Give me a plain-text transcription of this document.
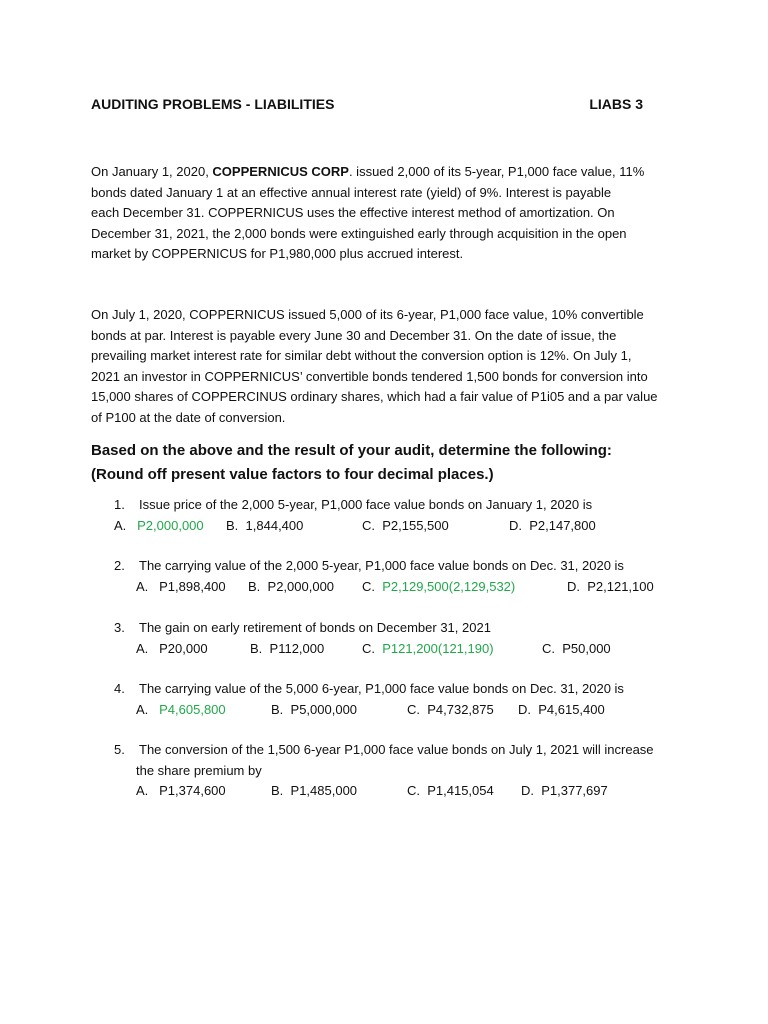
AUDITING PROBLEMS - LIABILITIES	LIABS 3
On January 1, 2020, COPPERNICUS CORP. issued 2,000 of its 5-year, P1,000 face value, 11%
bonds dated January 1 at an effective annual interest rate (yield) of 9%. Interest is payable
each December 31. COPPERNICUS uses the effective interest method of amortization. On
December 31, 2021, the 2,000 bonds were extinguished early through acquisition in the open
market by COPPERNICUS for P1,980,000 plus accrued interest.
On July 1, 2020, COPPERNICUS issued 5,000 of its 6-year, P1,000 face value, 10% convertible
bonds at par. Interest is payable every June 30 and December 31. On the date of issue, the
prevailing market interest rate for similar debt without the conversion option is 12%. On July 1,
2021 an investor in COPPERNICUS’ convertible bonds tendered 1,500 bonds for conversion into
15,000 shares of COPPERCINUS ordinary shares, which had a fair value of P1i05 and a par value
of P100 at the date of conversion.
Based on the above and the result of your audit, determine the following:
(Round off present value factors to four decimal places.)
1. Issue price of the 2,000 5-year, P1,000 face value bonds on January 1, 2020 is
A. P2,000,000 B. 1,844,400	C. P2,155,500	D. P2,147,800
2. The carrying value of the 2,000 5-year, P1,000 face value bonds on Dec. 31, 2020 is
A. P1,898,400 B. P2,000,000 C. P2,129,500(2,129,532)	D. P2,121,100
3. The gain on early retirement of bonds on December 31, 2021
A. P20,000	B. P112,000	C. P121,200(121,190)	C. P50,000
4. The carrying value of the 5,000 6-year, P1,000 face value bonds on Dec. 31, 2020 is
A. P4,605,800	B. P5,000,000	C. P4,732,875 D. P4,615,400
5. The conversion of the 1,500 6-year P1,000 face value bonds on July 1, 2021 will increase
the share premium by
A. P1,374,600	B. P1,485,000	C. P1,415,054 D. P1,377,697
